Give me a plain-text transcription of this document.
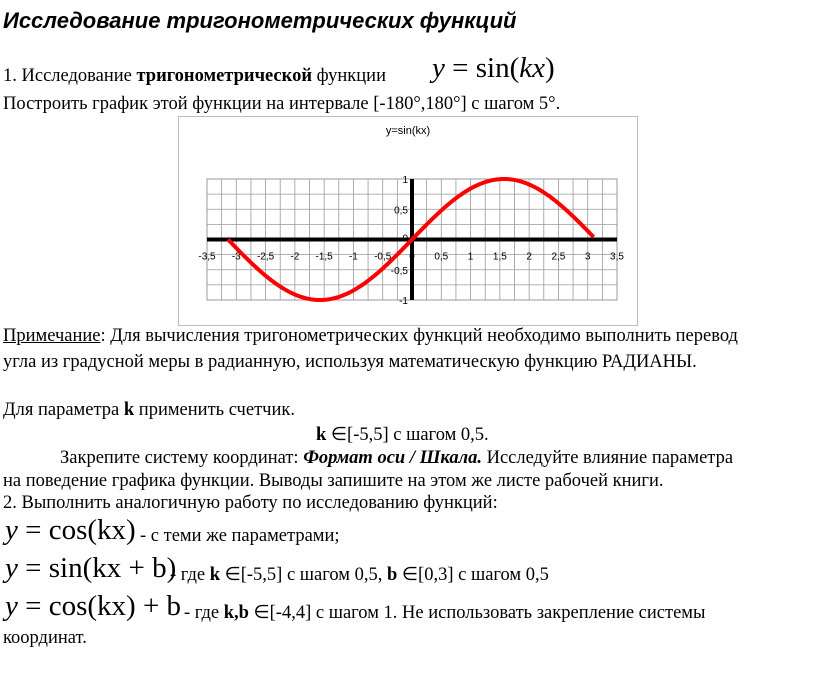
Исследование тригонометрических функций
1. Исследование тригонометрической функции y = sin(kx)
Построить график этой функции на интервале [-180°,180°] с шагом 5°.
y=sin(kx)
-3,5 -3 -2,5 -2 -1,5 -1 -0,5 0 0,5 1 1,5 2 2,5 3 3,5
1
0,5
-0,5
-1
0
Примечание: Для вычисления тригонометрических функций необходимо выполнить перевод
угла из градусной меры в радианную, используя математическую функцию РАДИАНЫ.
Для параметра k применить счетчик.
k ∈[-5,5] с шагом 0,5.
Закрепите систему координат: Формат оси / Шкала. Исследуйте влияние параметра
на поведение графика функции. Выводы запишите на этом же листе рабочей книги.
2. Выполнить аналогичную работу по исследованию функций:
y = cos(kx) - с теми же параметрами;
y = sin(kx + b)
- где k ∈[-5,5] с шагом 0,5, b ∈[0,3] с шагом 0,5
y = cos(kx) + b - где k,b ∈[-4,4] с шагом 1. Не использовать закрепление системы
координат.
